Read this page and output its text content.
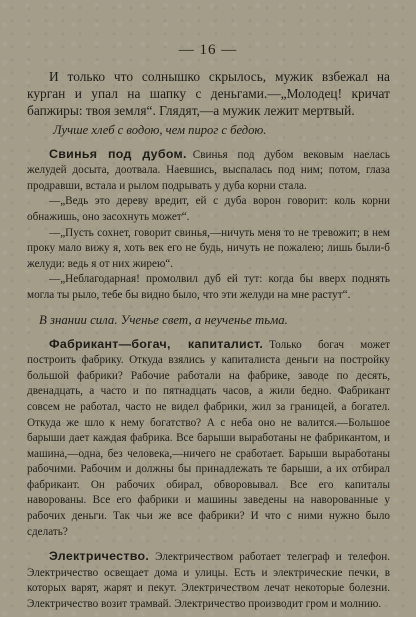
— 16 —

И только что солнышко скрылось, мужик взбежал на курган и упал на шапку с деньгами.—„Молодец! кричат бапжиры: твоя земля“. Глядят,—а мужик лежит мертвый.

Лучше хлеб с водою, чем пирог с бедою.

Свинья под дубом. Свинья под дубом вековым наелась желудей досыта, доотвала. Наевшись, выспалась под ним; потом, глаза продравши, встала и рылом подрывать у дуба корни стала.

—„Ведь это дереву вредит, ей с дуба ворон говорит: коль корни обнажишь, оно засохнуть может“.

—„Пусть сохнет, говорит свинья,—ничуть меня то не тревожит; в нем проку мало вижу я, хоть век его не будь, ничуть не пожалею; лишь были-б желуди: ведь я от них жирею“.

—„Неблагодарная! промолвил дуб ей тут: когда бы вверх поднять могла ты рыло, тебе бы видно было, что эти желуди на мне растут“.

В знании сила. Ученье свет, а неученье тьма.

Фабрикант—богач, капиталист. Только богач может построить фабрику. Откуда взялись у капиталиста деньги на постройку большой фабрики? Рабочие работали на фабрике, заводе по десять, двенадцать, а часто и по пятнадцать часов, а жили бедно. Фабрикант совсем не работал, часто не видел фабрики, жил за границей, а богател. Откуда же шло к нему богатство? А с неба оно не валится.—Большое барыши дает каждая фабрика. Все барыши выработаны не фабрикантом, и машина,—одна, без человека,—ничего не сработает. Барыши выработаны рабочими. Рабочим и должны бы принадлежать те барыши, а их отбирал фабрикант. Он рабочих обирал, обворовывал. Все его капиталы наворованы. Все его фабрики и машины заведены на наворованные у рабочих деньги. Так чьи же все фабрики? И что с ними нужно было сделать?

Электричество. Электричеством работает телеграф и телефон. Электричество освещает дома и улицы. Есть и электрические печки, в которых варят, жарят и пекут. Электричеством лечат некоторые болезни. Электричество возит трамвай. Электричество производит гром и молнию.
